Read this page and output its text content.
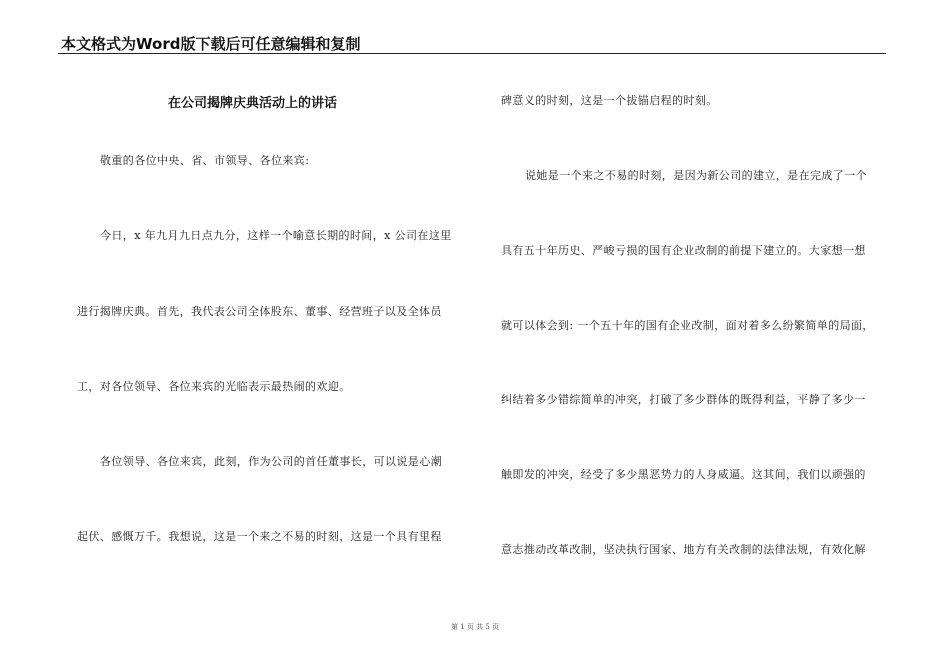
本文格式为Word版下载后可任意编辑和复制
在公司揭牌庆典活动上的讲话
敬重的各位中央、省、市领导、各位来宾:
今日，x 年九月九日点九分，这样一个喻意长期的时间，x 公司在这里
进行揭牌庆典。首先，我代表公司全体股东、董事、经营班子以及全体员
工，对各位领导、各位来宾的光临表示最热闹的欢迎。
各位领导、各位来宾，此刻，作为公司的首任董事长，可以说是心潮
起伏、感慨万千。我想说，这是一个来之不易的时刻，这是一个具有里程
碑意义的时刻，这是一个拔锚启程的时刻。
说她是一个来之不易的时刻，是因为新公司的建立，是在完成了一个
具有五十年历史、严峻亏损的国有企业改制的前提下建立的。大家想一想
就可以体会到: 一个五十年的国有企业改制，面对着多么纷繁简单的局面，
纠结着多少错综简单的冲突，打破了多少群体的既得利益，平静了多少一
触即发的冲突，经受了多少黑恶势力的人身威逼。这其间，我们以顽强的
意志推动改革改制，坚决执行国家、地方有关改制的法律法规，有效化解
第 1 页 共 5 页
